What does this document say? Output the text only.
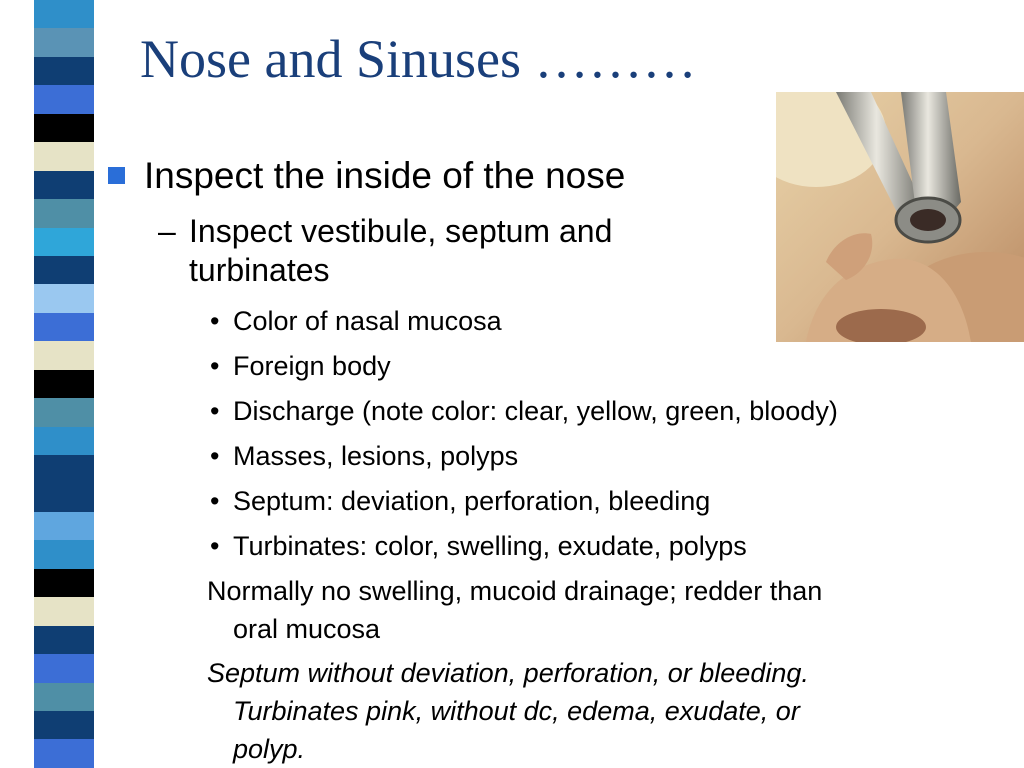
Nose and Sinuses ………
Inspect the inside of the nose
– Inspect vestibule, septum and
turbinates
• Color of nasal mucosa
• Foreign body
• Discharge (note color: clear, yellow, green, bloody)
• Masses, lesions, polyps
• Septum: deviation, perforation, bleeding
• Turbinates: color, swelling, exudate, polyps
Normally no swelling, mucoid drainage; redder than
oral mucosa
Septum without deviation, perforation, or bleeding.
Turbinates pink, without dc, edema, exudate, or
polyp.
